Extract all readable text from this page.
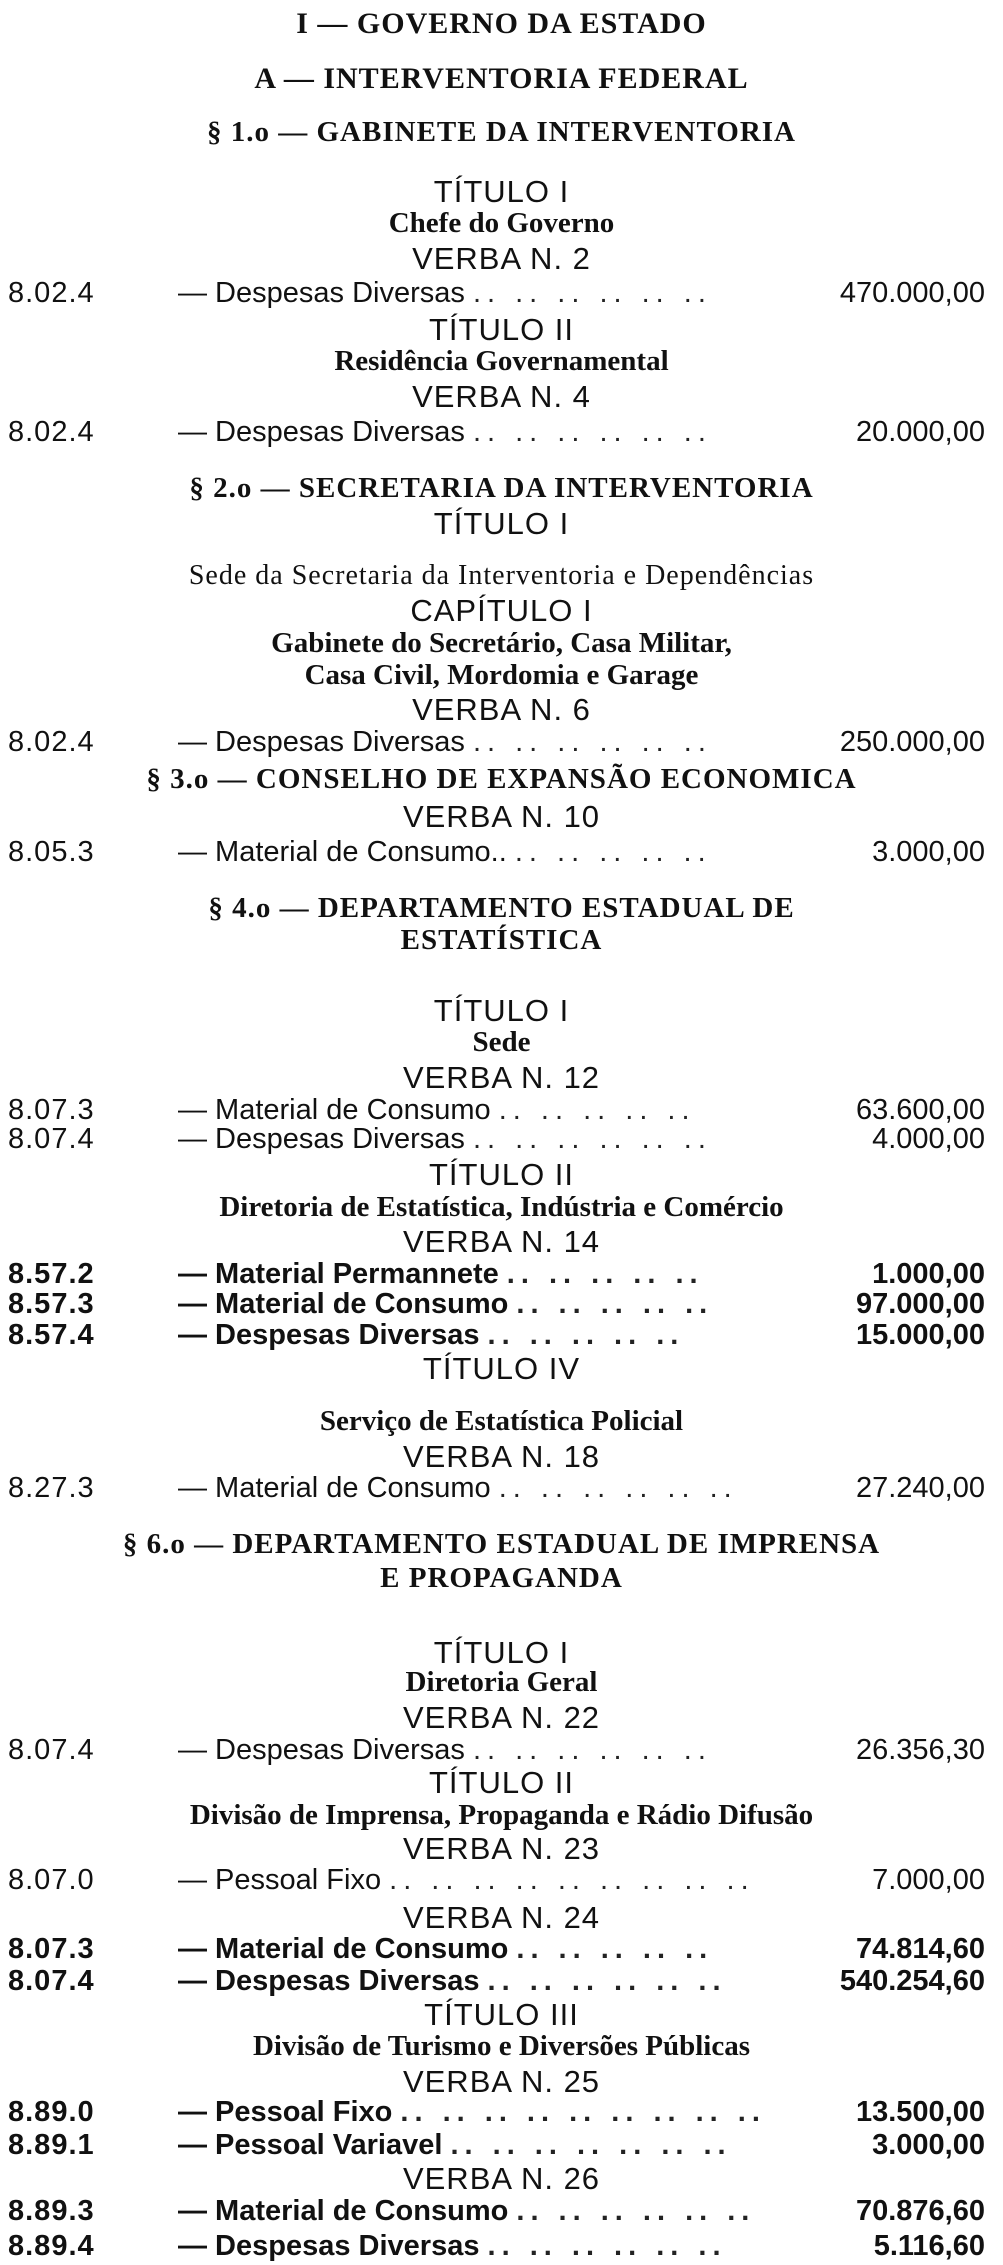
I — GOVERNO DA ESTADO
A — INTERVENTORIA FEDERAL
§ 1.o — GABINETE DA INTERVENTORIA
TÍTULO I
Chefe do Governo
VERBA N. 2
8.02.4	— Despesas Diversas .. .. .. .. .. ..	470.000,00
TÍTULO II
Residência Governamental
VERBA N. 4
8.02.4	— Despesas Diversas .. .. .. .. .. ..	20.000,00
§ 2.o — SECRETARIA DA INTERVENTORIA
TÍTULO I
Sede da Secretaria da Interventoria e Dependências
CAPÍTULO I
Gabinete do Secretário, Casa Militar,
Casa Civil, Mordomia e Garage
VERBA N. 6
8.02.4	— Despesas Diversas .. .. .. .. .. ..	250.000,00
§ 3.o — CONSELHO DE EXPANSÃO ECONOMICA
VERBA N. 10
8.05.3	— Material de Consumo.. .. .. .. .. ..	3.000,00
§ 4.o — DEPARTAMENTO ESTADUAL DE
ESTATÍSTICA
TÍTULO I
Sede
VERBA N. 12
8.07.3	— Material de Consumo .. .. .. .. ..	63.600,00
8.07.4	— Despesas Diversas .. .. .. .. .. ..	4.000,00
TÍTULO II
Diretoria de Estatística, Indústria e Comércio
VERBA N. 14
8.57.2	— Material Permannete .. .. .. .. ..	1.000,00
8.57.3	— Material de Consumo .. .. .. .. ..	97.000,00
8.57.4	— Despesas Diversas .. .. .. .. ..	15.000,00
TÍTULO IV
Serviço de Estatística Policial
VERBA N. 18
8.27.3	— Material de Consumo .. .. .. .. .. ..	27.240,00
§ 6.o — DEPARTAMENTO ESTADUAL DE IMPRENSA
E PROPAGANDA
TÍTULO I
Diretoria Geral
VERBA N. 22
8.07.4	— Despesas Diversas .. .. .. .. .. ..	26.356,30
TÍTULO II
Divisão de Imprensa, Propaganda e Rádio Difusão
VERBA N. 23
8.07.0	— Pessoal Fixo .. .. .. .. .. .. .. .. ..	7.000,00
VERBA N. 24
8.07.3	— Material de Consumo .. .. .. .. ..	74.814,60
8.07.4	— Despesas Diversas .. .. .. .. .. ..	540.254,60
TÍTULO III
Divisão de Turismo e Diversões Públicas
VERBA N. 25
8.89.0	— Pessoal Fixo .. .. .. .. .. .. .. .. ..	13.500,00
8.89.1	— Pessoal Variavel .. .. .. .. .. .. ..	3.000,00
VERBA N. 26
8.89.3	— Material de Consumo .. .. .. .. .. ..	70.876,60
8.89.4	— Despesas Diversas .. .. .. .. .. ..	5.116,60
